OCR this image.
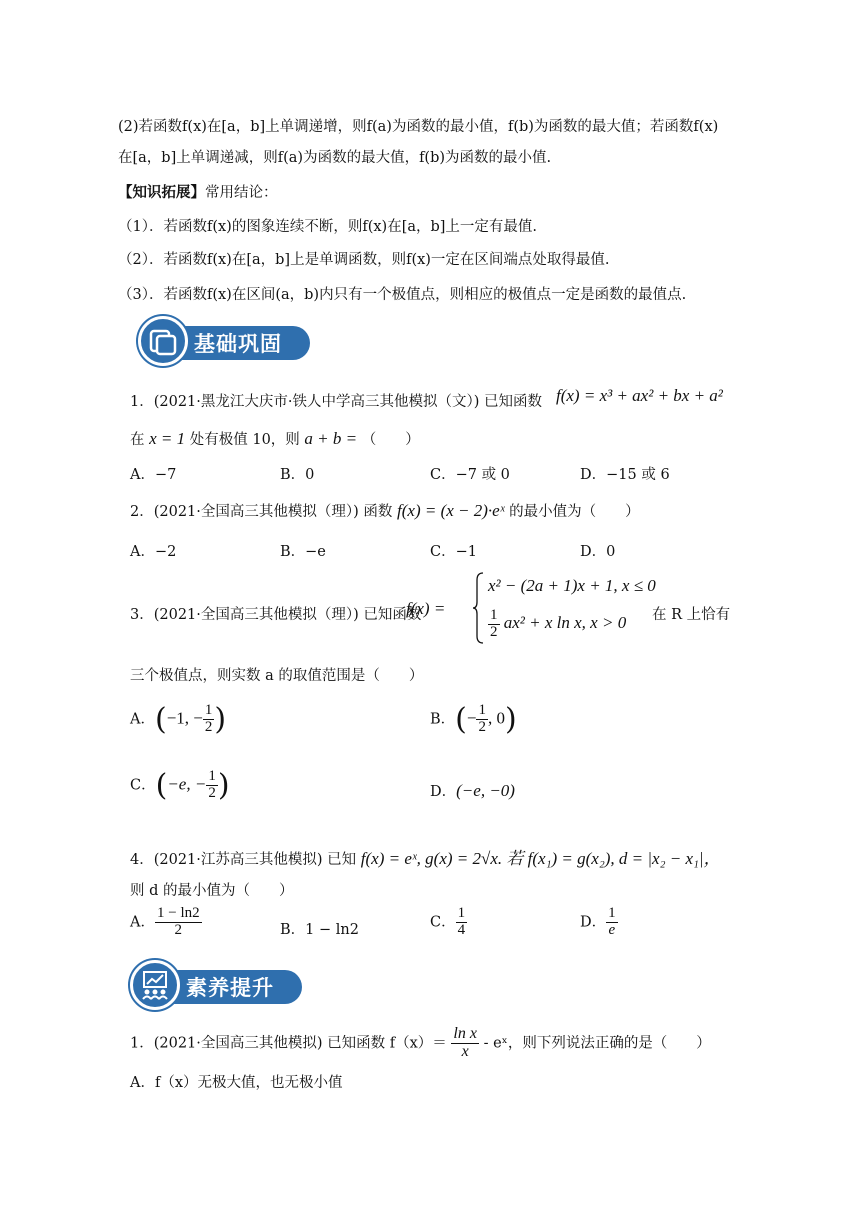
(2)若函数f(x)在[a，b]上单调递增，则f(a)为函数的最小值，f(b)为函数的最大值；若函数f(x)
在[a，b]上单调递减，则f(a)为函数的最大值，f(b)为函数的最小值.
【知识拓展】常用结论：
（1）．若函数f(x)的图象连续不断，则f(x)在[a，b]上一定有最值.
（2）．若函数f(x)在[a，b]上是单调函数，则f(x)一定在区间端点处取得最值.
（3）．若函数f(x)在区间(a，b)内只有一个极值点，则相应的极值点一定是函数的最值点.
基础巩固
1．(2021·黑龙江大庆市·铁人中学高三其他模拟（文）) 已知函数 f(x) = x³ + ax² + bx + a²
在 x = 1 处有极值 10，则 a + b = （　　）
A．−7	B．0	C．−7 或 0	D．−15 或 6
2．(2021·全国高三其他模拟（理）) 函数 f(x) = (x − 2)·eˣ 的最小值为（　　）
A．−2	B．−e	C．−1	D．0
3．(2021·全国高三其他模拟（理）) 已知函数
f(x) =
x² − (2a + 1)x + 1, x ≤ 0
$\frac{1}{2} ax^2 + x$ ln x, x > 0 在 R 上恰有
三个极值点，则实数 a 的取值范围是（　　）
A．(−1, − $\frac{1}{2}$ )	B．(− $\frac{1}{2}$ , 0)
C．(−e, − $\frac{1}{2}$ )	D．(−e, −0)
4．(2021·江苏高三其他模拟) 已知 f(x) = eˣ, g(x) = 2√x. 若 f(x₁) = g(x₂), d = |x₂ − x₁|，
则 d 的最小值为（　　）
A． $\frac{1 - \ln 2}{2}$	B．1 − ln2	C． $\frac{1}{4}$	D． $\frac{1}{e}$
素养提升
1．(2021·全国高三其他模拟) 已知函数 $f(x)= \frac{\text{ln x}}{x}$ - eˣ，则下列说法正确的是（　　）
A．f（x）无极大值，也无极小值
